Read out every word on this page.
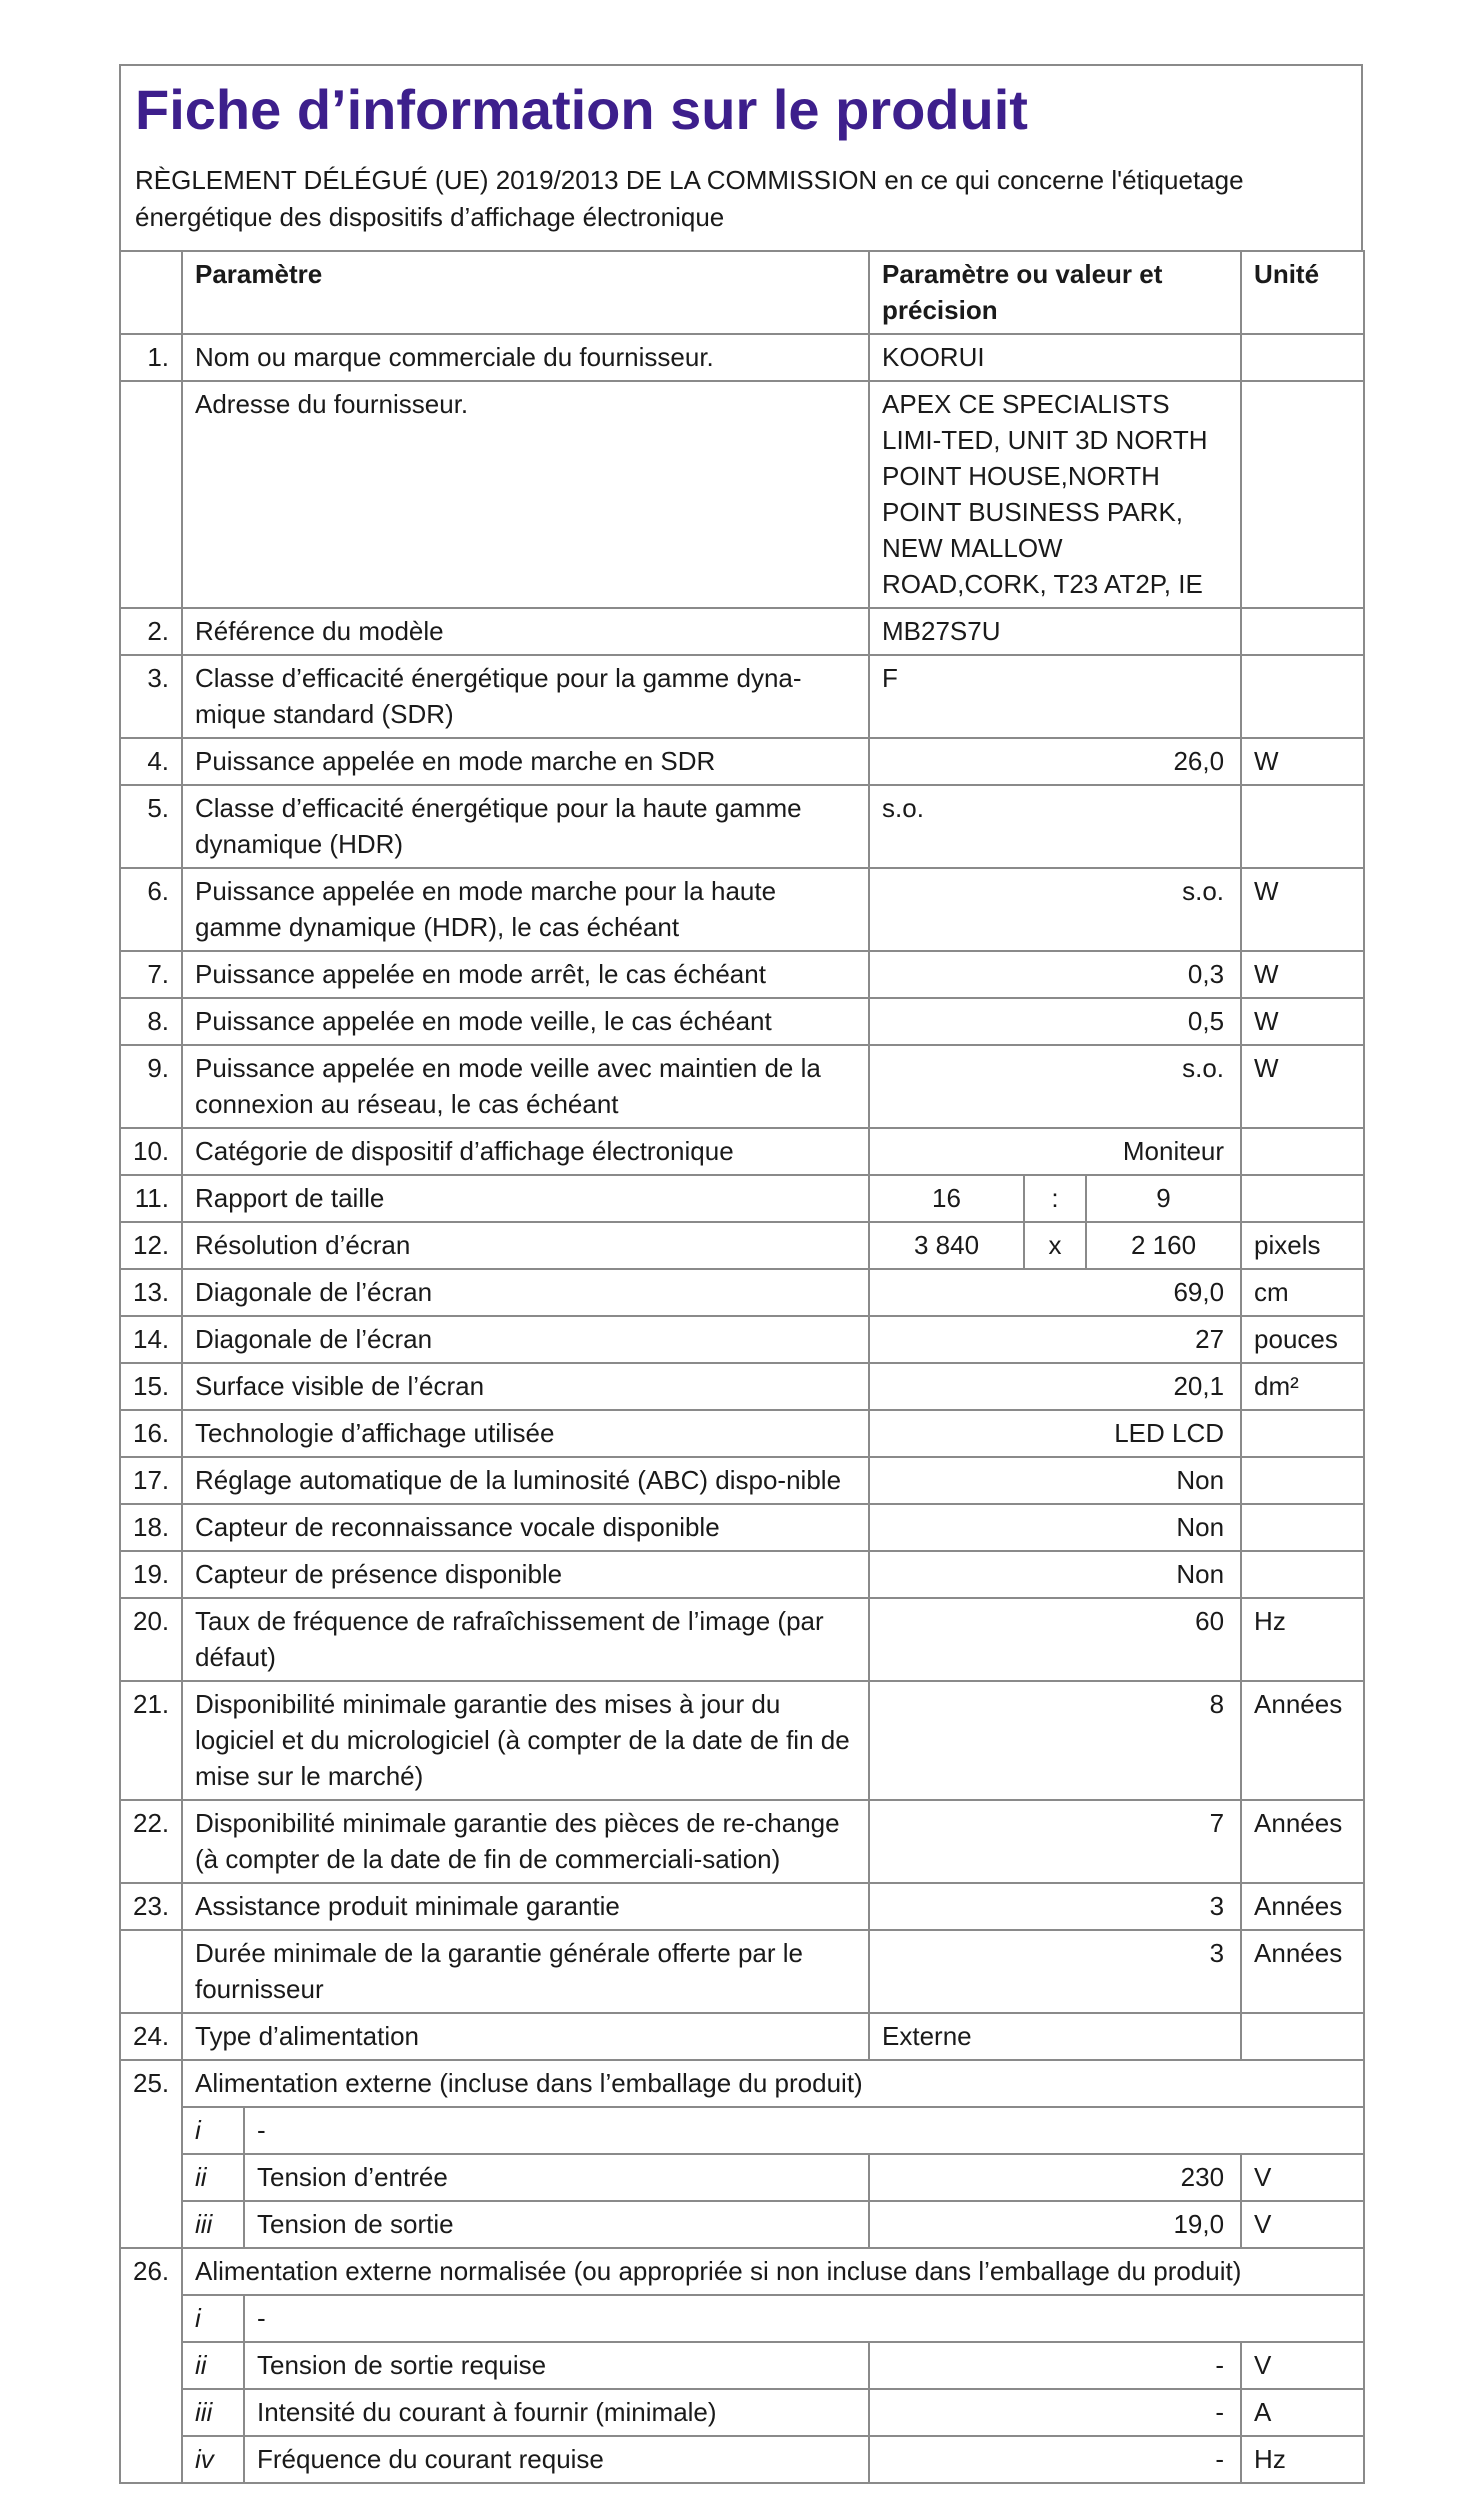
Fiche d’information sur le produit
RÈGLEMENT DÉLÉGUÉ (UE) 2019/2013 DE LA COMMISSION en ce qui concerne l'étiquetage énergétique des dispositifs d’affichage électronique
	Paramètre		Paramètre ou valeur et précision			Unité
1.	Nom ou marque commerciale du fournisseur.		KOORUI			
	Adresse du fournisseur.		APEX CE SPECIALISTS LIMI-TED, UNIT 3D NORTH POINT HOUSE,NORTH POINT BUSINESS PARK, NEW MALLOW ROAD,CORK, T23 AT2P, IE			
2.	Référence du modèle		MB27S7U			
3.	Classe d’efficacité énergétique pour la gamme dyna-mique standard (SDR)		F			
4.	Puissance appelée en mode marche en SDR		26,0			W
5.	Classe d’efficacité énergétique pour la haute gamme dynamique (HDR)		s.o.			
6.	Puissance appelée en mode marche pour la haute gamme dynamique (HDR), le cas échéant		s.o.			W
7.	Puissance appelée en mode arrêt, le cas échéant		0,3			W
8.	Puissance appelée en mode veille, le cas échéant		0,5			W
9.	Puissance appelée en mode veille avec maintien de la connexion au réseau, le cas échéant		s.o.			W
10.	Catégorie de dispositif d’affichage électronique		Moniteur			
11.	Rapport de taille		16	:	9	
12.	Résolution d’écran		3 840	x	2 160	pixels
13.	Diagonale de l’écran		69,0			cm
14.	Diagonale de l’écran		27			pouces
15.	Surface visible de l’écran		20,1			dm²
16.	Technologie d’affichage utilisée		LED LCD			
17.	Réglage automatique de la luminosité (ABC) dispo-nible		Non			
18.	Capteur de reconnaissance vocale disponible		Non			
19.	Capteur de présence disponible		Non			
20.	Taux de fréquence de rafraîchissement de l’image (par défaut)		60			Hz
21.	Disponibilité minimale garantie des mises à jour du logiciel et du micrologiciel (à compter de la date de fin de mise sur le marché)		8			Années
22.	Disponibilité minimale garantie des pièces de re-change (à compter de la date de fin de commerciali-sation)		7			Années
23.	Assistance produit minimale garantie		3			Années
	Durée minimale de la garantie générale offerte par le fournisseur		3			Années
24.	Type d’alimentation		Externe			
25.	Alimentation externe (incluse dans l’emballage du produit)					
	i	-				
	ii	Tension d’entrée	230			V
	iii	Tension de sortie	19,0			V
26.	Alimentation externe normalisée (ou appropriée si non incluse dans l’emballage du produit)					
	i	-				
	ii	Tension de sortie requise	-			V
	iii	Intensité du courant à fournir (minimale)	-			A
	iv	Fréquence du courant requise	-			Hz
